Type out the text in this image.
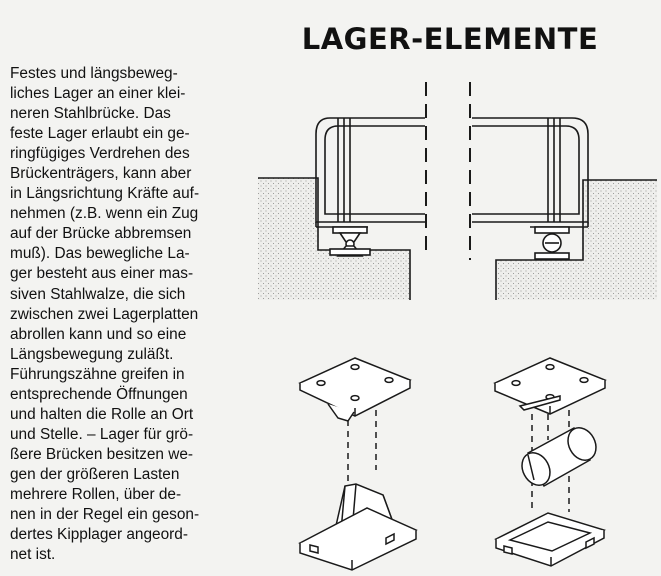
LAGER-ELEMENTE
Festes und längsbeweg-
liches Lager an einer klei-
neren Stahlbrücke. Das
feste Lager erlaubt ein ge-
ringfügiges Verdrehen des
Brückenträgers, kann aber
in Längsrichtung Kräfte auf-
nehmen (z.B. wenn ein Zug
auf der Brücke abbremsen
muß). Das bewegliche La-
ger besteht aus einer mas-
siven Stahlwalze, die sich
zwischen zwei Lagerplatten
abrollen kann und so eine
Längsbewegung zuläßt.
Führungszähne greifen in
entsprechende Öffnungen
und halten die Rolle an Ort
und Stelle. – Lager für grö-
ßere Brücken besitzen we-
gen der größeren Lasten
mehrere Rollen, über de-
nen in der Regel ein geson-
dertes Kipplager angeord-
net ist.
